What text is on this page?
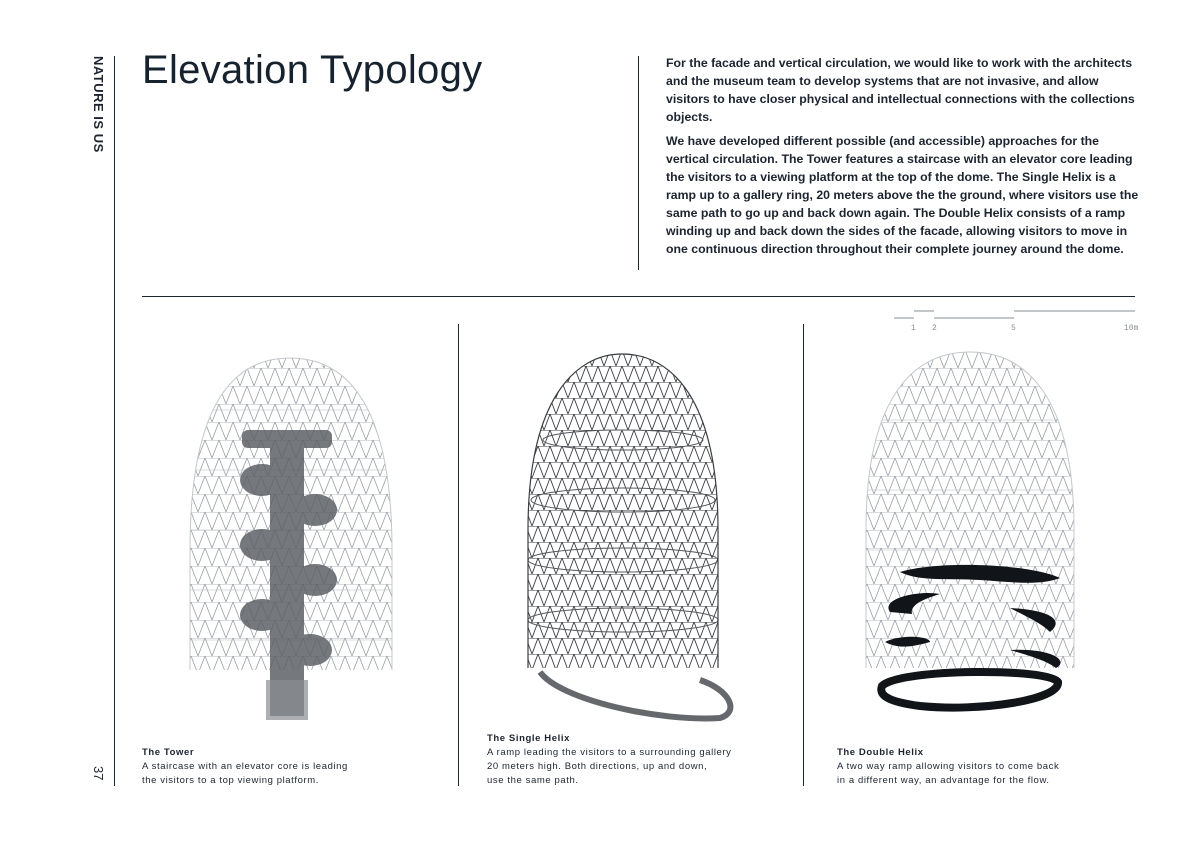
NATURE IS US
37
Elevation Typology	For the facade and vertical circulation, we would like to work with the architects and the museum team to develop systems that are not invasive, and allow visitors to have closer physical and intellectual connections with the collections objects.

We have developed different possible (and accessible) approaches for the vertical circulation. The Tower features a staircase with an elevator core leading the visitors to a viewing platform at the top of the dome. The Single Helix is a ramp up to a gallery ring, 20 meters above the the ground, where visitors use the same path to go up and back down again. The Double Helix consists of a ramp winding up and back down the sides of the facade, allowing visitors to move in one continuous direction throughout their complete journey around the dome.

1 2	5	10m
The Tower
A staircase with an elevator core is leading
the visitors to a top viewing platform.
The Single Helix
A ramp leading the visitors to a surrounding gallery
20 meters high. Both directions, up and down,
use the same path.
The Double Helix
A two way ramp allowing visitors to come back
in a different way, an advantage for the flow.
